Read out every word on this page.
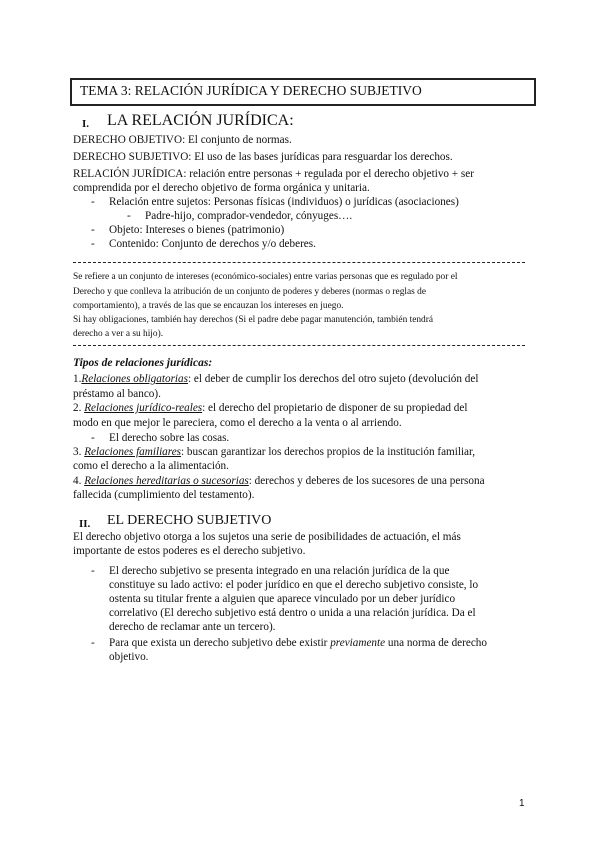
TEMA 3: RELACIÓN JURÍDICA Y DERECHO SUBJETIVO
I. LA RELACIÓN JURÍDICA:
DERECHO OBJETIVO: El conjunto de normas.
DERECHO SUBJETIVO: El uso de las bases jurídicas para resguardar los derechos.
RELACIÓN JURÍDICA: relación entre personas + regulada por el derecho objetivo + ser
comprendida por el derecho objetivo de forma orgánica y unitaria.
- Relación entre sujetos: Personas físicas (individuos) o jurídicas (asociaciones)
- Padre-hijo, comprador-vendedor, cónyuges….
- Objeto: Intereses o bienes (patrimonio)
- Contenido: Conjunto de derechos y/o deberes.
Se refiere a un conjunto de intereses (económico-sociales) entre varias personas que es regulado por el
Derecho y que conlleva la atribución de un conjunto de poderes y deberes (normas o reglas de
comportamiento), a través de las que se encauzan los intereses en juego.
Si hay obligaciones, también hay derechos (Si el padre debe pagar manutención, también tendrá
derecho a ver a su hijo).
Tipos de relaciones jurídicas:
1.Relaciones obligatorias: el deber de cumplir los derechos del otro sujeto (devolución del
préstamo al banco).
2. Relaciones jurídico-reales: el derecho del propietario de disponer de su propiedad del
modo en que mejor le pareciera, como el derecho a la venta o al arriendo.
- El derecho sobre las cosas.
3. Relaciones familiares: buscan garantizar los derechos propios de la institución familiar,
como el derecho a la alimentación.
4. Relaciones hereditarias o sucesorias: derechos y deberes de los sucesores de una persona
fallecida (cumplimiento del testamento).
II. EL DERECHO SUBJETIVO
El derecho objetivo otorga a los sujetos una serie de posibilidades de actuación, el más
importante de estos poderes es el derecho subjetivo.
- El derecho subjetivo se presenta integrado en una relación jurídica de la que
constituye su lado activo: el poder jurídico en que el derecho subjetivo consiste, lo
ostenta su titular frente a alguien que aparece vinculado por un deber jurídico
correlativo (El derecho subjetivo está dentro o unida a una relación jurídica. Da el
derecho de reclamar ante un tercero).
- Para que exista un derecho subjetivo debe existir previamente una norma de derecho
objetivo.
1
